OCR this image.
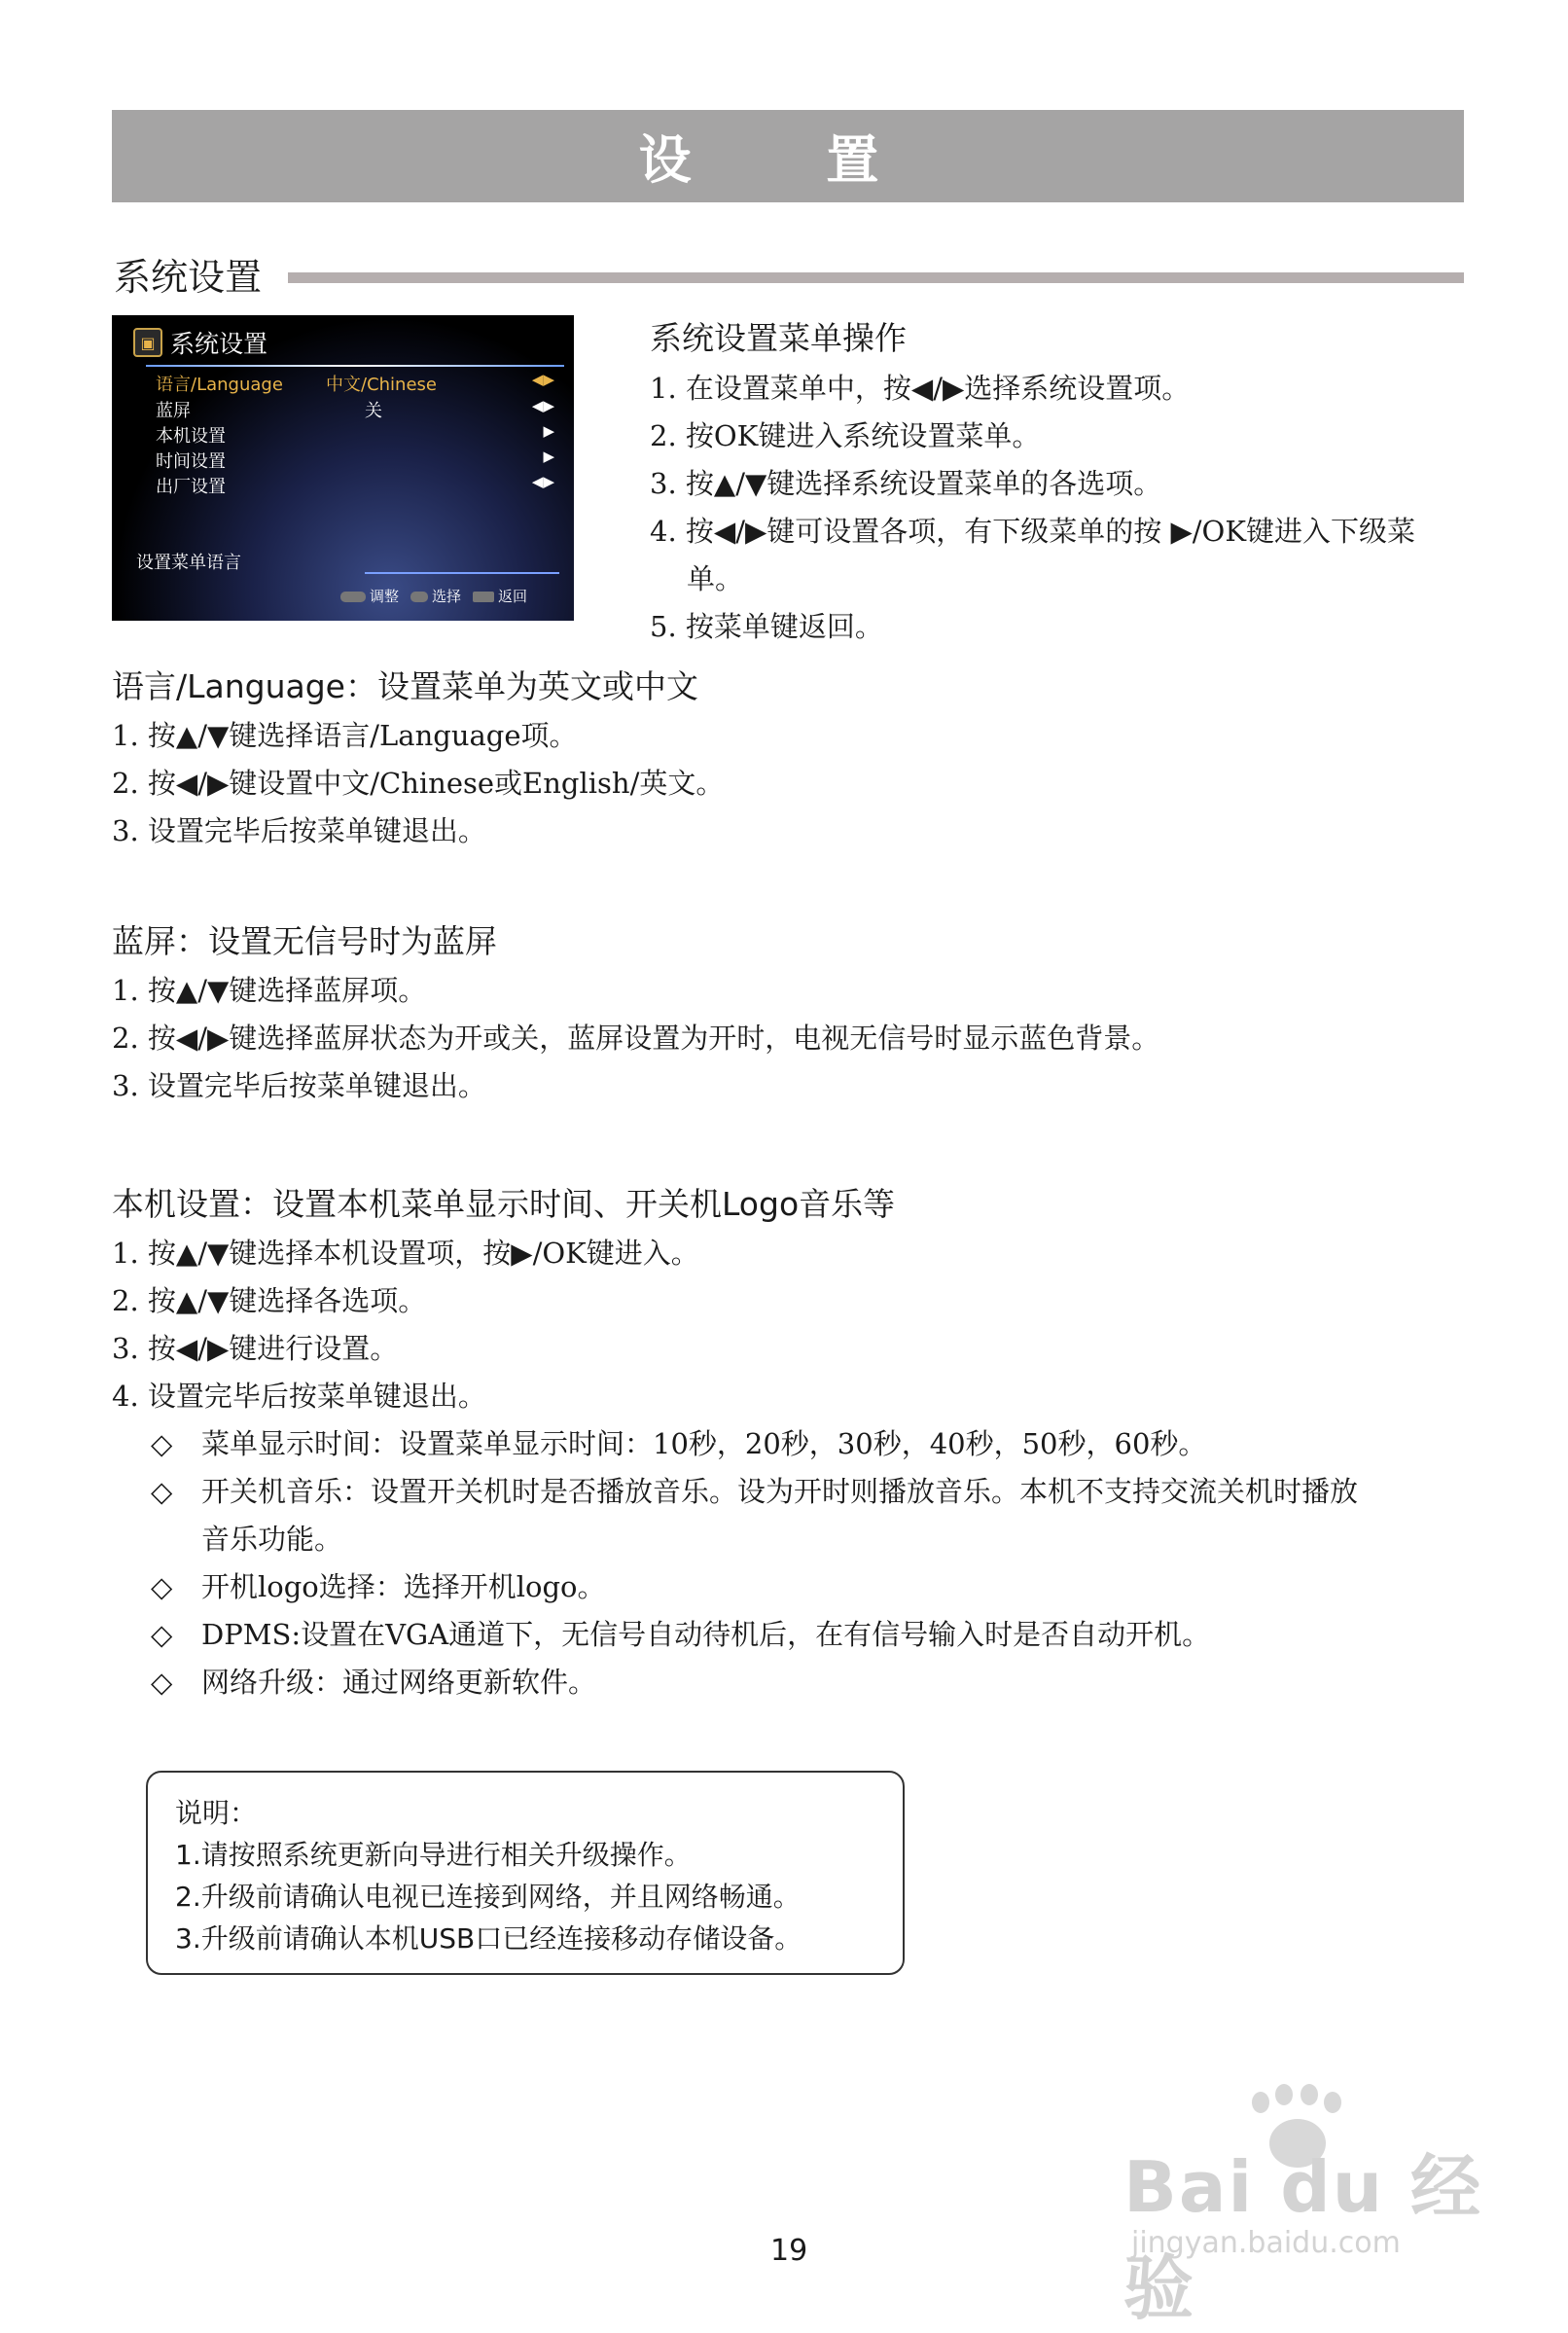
设 置
系统设置
▣ 系统设置
语言/Language 中文/Chinese	◀▶
蓝屏	关	◀▶
本机设置	▶
时间设置	▶
出厂设置	◀▶
设置菜单语言
调整	选择	返回
系统设置菜单操作

1. 在设置菜单中，按◀/▶选择系统设置项。

2. 按OK键进入系统设置菜单。

3. 按▲/▼键选择系统设置菜单的各选项。

4. 按◀/▶键可设置各项，有下级菜单的按 ▶/OK键进入下级菜

单。

5. 按菜单键返回。

语言/Language：设置菜单为英文或中文

1. 按▲/▼键选择语言/Language项。

2. 按◀/▶键设置中文/Chinese或English/英文。

3. 设置完毕后按菜单键退出。

蓝屏：设置无信号时为蓝屏

1. 按▲/▼键选择蓝屏项。

2. 按◀/▶键选择蓝屏状态为开或关，蓝屏设置为开时，电视无信号时显示蓝色背景。

3. 设置完毕后按菜单键退出。

本机设置：设置本机菜单显示时间、开关机Logo音乐等

1. 按▲/▼键选择本机设置项，按▶/OK键进入。

2. 按▲/▼键选择各选项。

3. 按◀/▶键进行设置。

4. 设置完毕后按菜单键退出。

◇ 菜单显示时间：设置菜单显示时间：10秒，20秒，30秒，40秒，50秒，60秒。

◇ 开关机音乐：设置开关机时是否播放音乐。设为开时则播放音乐。本机不支持交流关机时播放

音乐功能。

◇ 开机logo选择：选择开机logo。

◇ DPMS:设置在VGA通道下，无信号自动待机后，在有信号输入时是否自动开机。

◇ 网络升级：通过网络更新软件。

说明：
1.请按照系统更新向导进行相关升级操作。
2.升级前请确认电视已连接到网络，并且网络畅通。
3.升级前请确认本机USB口已经连接移动存储设备。
19
Bai du 经验
jingyan.baidu.com
